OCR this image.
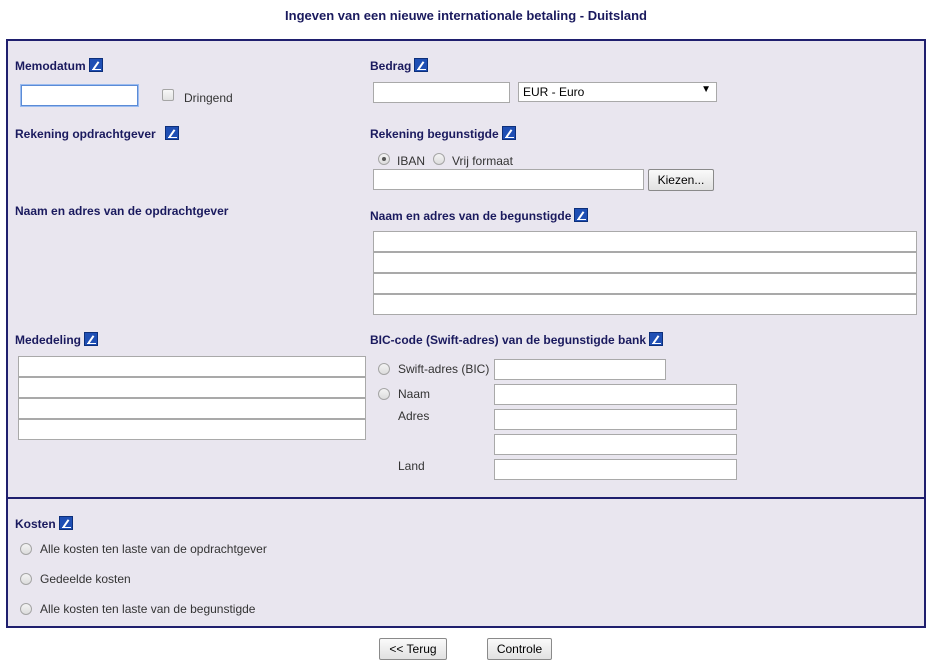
Ingeven van een nieuwe internationale betaling - Duitsland
Memodatum
Dringend
Bedrag
EUR - Euro	▼
Rekening opdrachtgever	Rekening begunstigde
IBAN Vrij formaat
Kiezen...
Naam en adres van de opdrachtgever	Naam en adres van de begunstigde
Mededeling	BIC-code (Swift-adres) van de begunstigde bank
Swift-adres (BIC)
Naam
Adres
Land
Kosten
Alle kosten ten laste van de opdrachtgever
Gedeelde kosten
Alle kosten ten laste van de begunstigde
<< Terug	Controle
